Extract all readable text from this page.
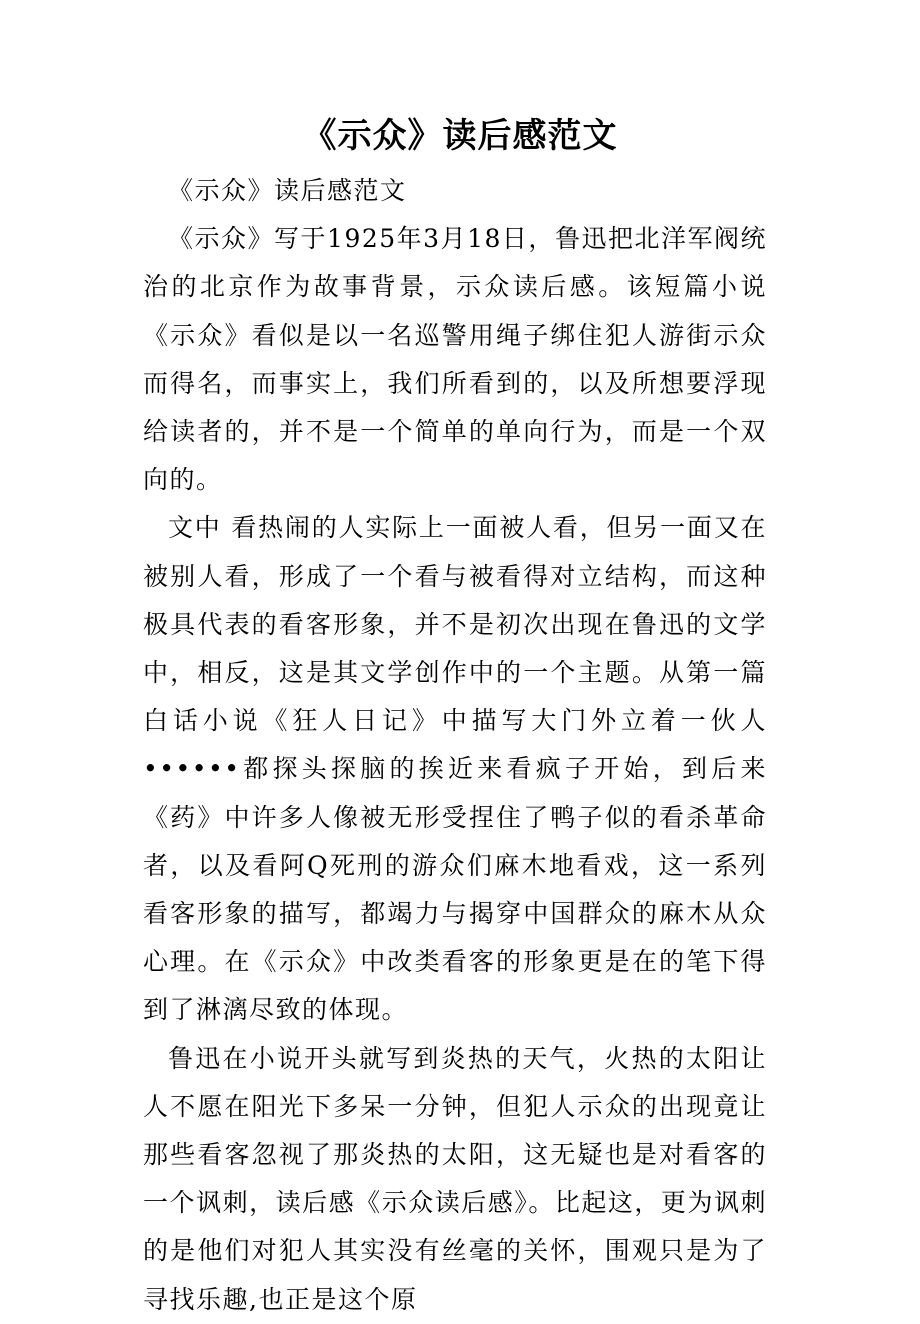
《示众》读后感范文

《示众》读后感范文

《示众》写于1925年3月18日，鲁迅把北洋军阀统治的北京作为故事背景，示众读后感。该短篇小说《示众》看似是以一名巡警用绳子绑住犯人游街示众而得名，而事实上，我们所看到的，以及所想要浮现给读者的，并不是一个简单的单向行为，而是一个双向的。

文中 看热闹的人实际上一面被人看，但另一面又在被别人看，形成了一个看与被看得对立结构，而这种极具代表的看客形象，并不是初次出现在鲁迅的文学中，相反，这是其文学创作中的一个主题。从第一篇白话小说《狂人日记》中描写大门外立着一伙人••••••都探头探脑的挨近来看疯子开始，到后来《药》中许多人像被无形受捏住了鸭子似的看杀革命者，以及看阿Q死刑的游众们麻木地看戏，这一系列看客形象的描写，都竭力与揭穿中国群众的麻木从众心理。在《示众》中改类看客的形象更是在的笔下得到了淋漓尽致的体现。

鲁迅在小说开头就写到炎热的天气，火热的太阳让人不愿在阳光下多呆一分钟，但犯人示众的出现竟让那些看客忽视了那炎热的太阳，这无疑也是对看客的一个讽刺，读后感《示众读后感》。比起这，更为讽刺的是他们对犯人其实没有丝毫的关怀，围观只是为了寻找乐趣,也正是这个原
